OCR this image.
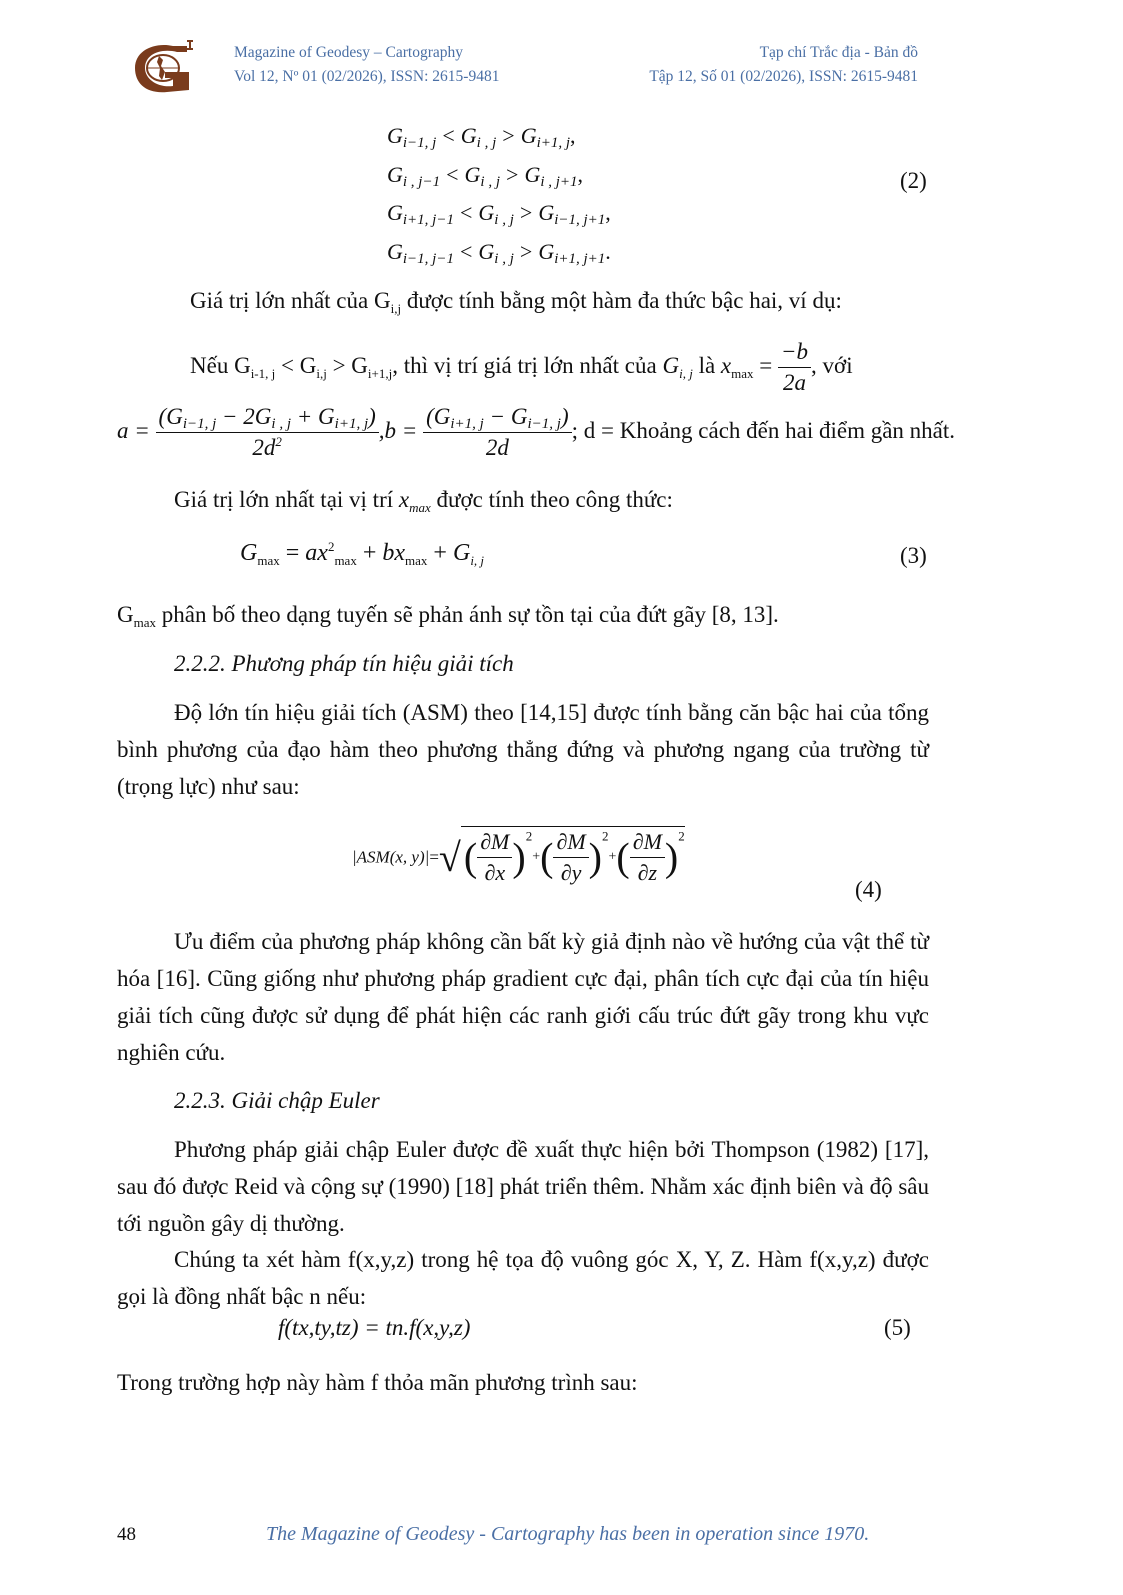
Magazine of Geodesy – Cartography
Vol 12, Nº 01 (02/2026), ISSN: 2615-9481
Tạp chí Trắc địa - Bản đồ
Tập 12, Số 01 (02/2026), ISSN: 2615-9481
$G_{i-1, j} < G_{i , j} > G_{i+1, j}$,
$G_{i , j-1} < G_{i , j} > G_{i , j+1}$,
$G_{i+1, j-1} < G_{i , j} > G_{i-1, j+1}$,
$G_{i-1, j-1} < G_{i , j} > G_{i+1, j+1}$.
(2)
Giá trị lớn nhất của $G_{i,j}$ được tính bằng một hàm đa thức bậc hai, ví dụ:
Nếu $G_{i-1, j} < G_{i,j} > G_{i+1,j}$, thì vị trí giá trị lớn nhất của $G_{i, j}$ là $x_{max} = \frac{-b}{2a}$ , với
$a = \frac{(G_{i-1, j} - 2G_{i , j} + G_{i+1, j})}{2d^2} ,b = \frac{(G_{i+1, j} - G_{i-1, j})}{2d}$ ; d = Khoảng cách đến hai điểm gần nhất.
Giá trị lớn nhất tại vị trí $x_{max}$ được tính theo công thức:
$G_{max} = ax^2_{max} + bx_{max} + G_{i, j}$	(3)
$G_{max}$ phân bố theo dạng tuyến sẽ phản ánh sự tồn tại của đứt gãy [8, 13].
2.2.2. Phương pháp tín hiệu giải tích
Độ lớn tín hiệu giải tích (ASM) theo [14,15] được tính bằng căn bậc hai của tổng bình phương của đạo hàm theo phương thẳng đứng và phương ngang của trường từ (trọng lực) như sau:
|ASM(x, $y)|=√( \frac{\partial M}{\partial x} )^2+( \frac{\partial M}{\partial y} )^2+( \frac{\partial M}{\partial z} )^2$
(4)
Ưu điểm của phương pháp không cần bất kỳ giả định nào về hướng của vật thể từ hóa [16]. Cũng giống như phương pháp gradient cực đại, phân tích cực đại của tín hiệu giải tích cũng được sử dụng để phát hiện các ranh giới cấu trúc đứt gãy trong khu vực nghiên cứu.
2.2.3. Giải chập Euler
Phương pháp giải chập Euler được đề xuất thực hiện bởi Thompson (1982) [17], sau đó được Reid và cộng sự (1990) [18] phát triển thêm. Nhằm xác định biên và độ sâu tới nguồn gây dị thường.
Chúng ta xét hàm f(x,y,z) trong hệ tọa độ vuông góc X, Y, Z. Hàm f(x,y,z) được gọi là đồng nhất bậc n nếu:
f(tx,ty,tz) = tn.f(x,y,z)	(5)
Trong trường hợp này hàm f thỏa mãn phương trình sau:
48	The Magazine of Geodesy - Cartography has been in operation since 1970.
